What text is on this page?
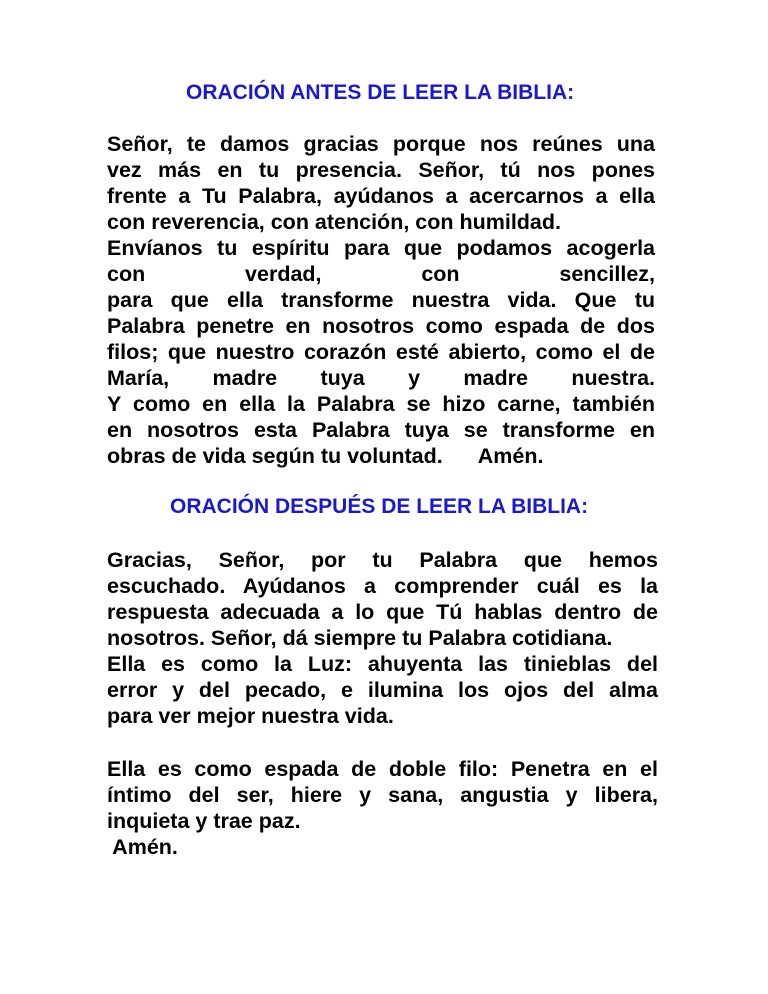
ORACIÓN ANTES DE LEER LA BIBLIA:
Señor, te damos gracias porque nos reúnes una
vez más en tu presencia. Señor, tú nos pones
frente a Tu Palabra, ayúdanos a acercarnos a ella
con reverencia, con atención, con humildad.
Envíanos tu espíritu para que podamos acogerla
con verdad, con sencillez,
para que ella transforme nuestra vida. Que tu
Palabra penetre en nosotros como espada de dos
filos; que nuestro corazón esté abierto, como el de
María, madre tuya y madre nuestra.
Y como en ella la Palabra se hizo carne, también
en nosotros esta Palabra tuya se transforme en
obras de vida según tu voluntad.      Amén.
ORACIÓN DESPUÉS DE LEER LA BIBLIA:
Gracias, Señor, por tu Palabra que hemos
escuchado. Ayúdanos a comprender cuál es la
respuesta adecuada a lo que Tú hablas dentro de
nosotros. Señor, dá siempre tu Palabra cotidiana.
Ella es como la Luz: ahuyenta las tinieblas del
error y del pecado, e ilumina los ojos del alma
para ver mejor nuestra vida.
Ella es como espada de doble filo: Penetra en el
íntimo del ser, hiere y sana, angustia y libera,
inquieta y trae paz.
Amén.
